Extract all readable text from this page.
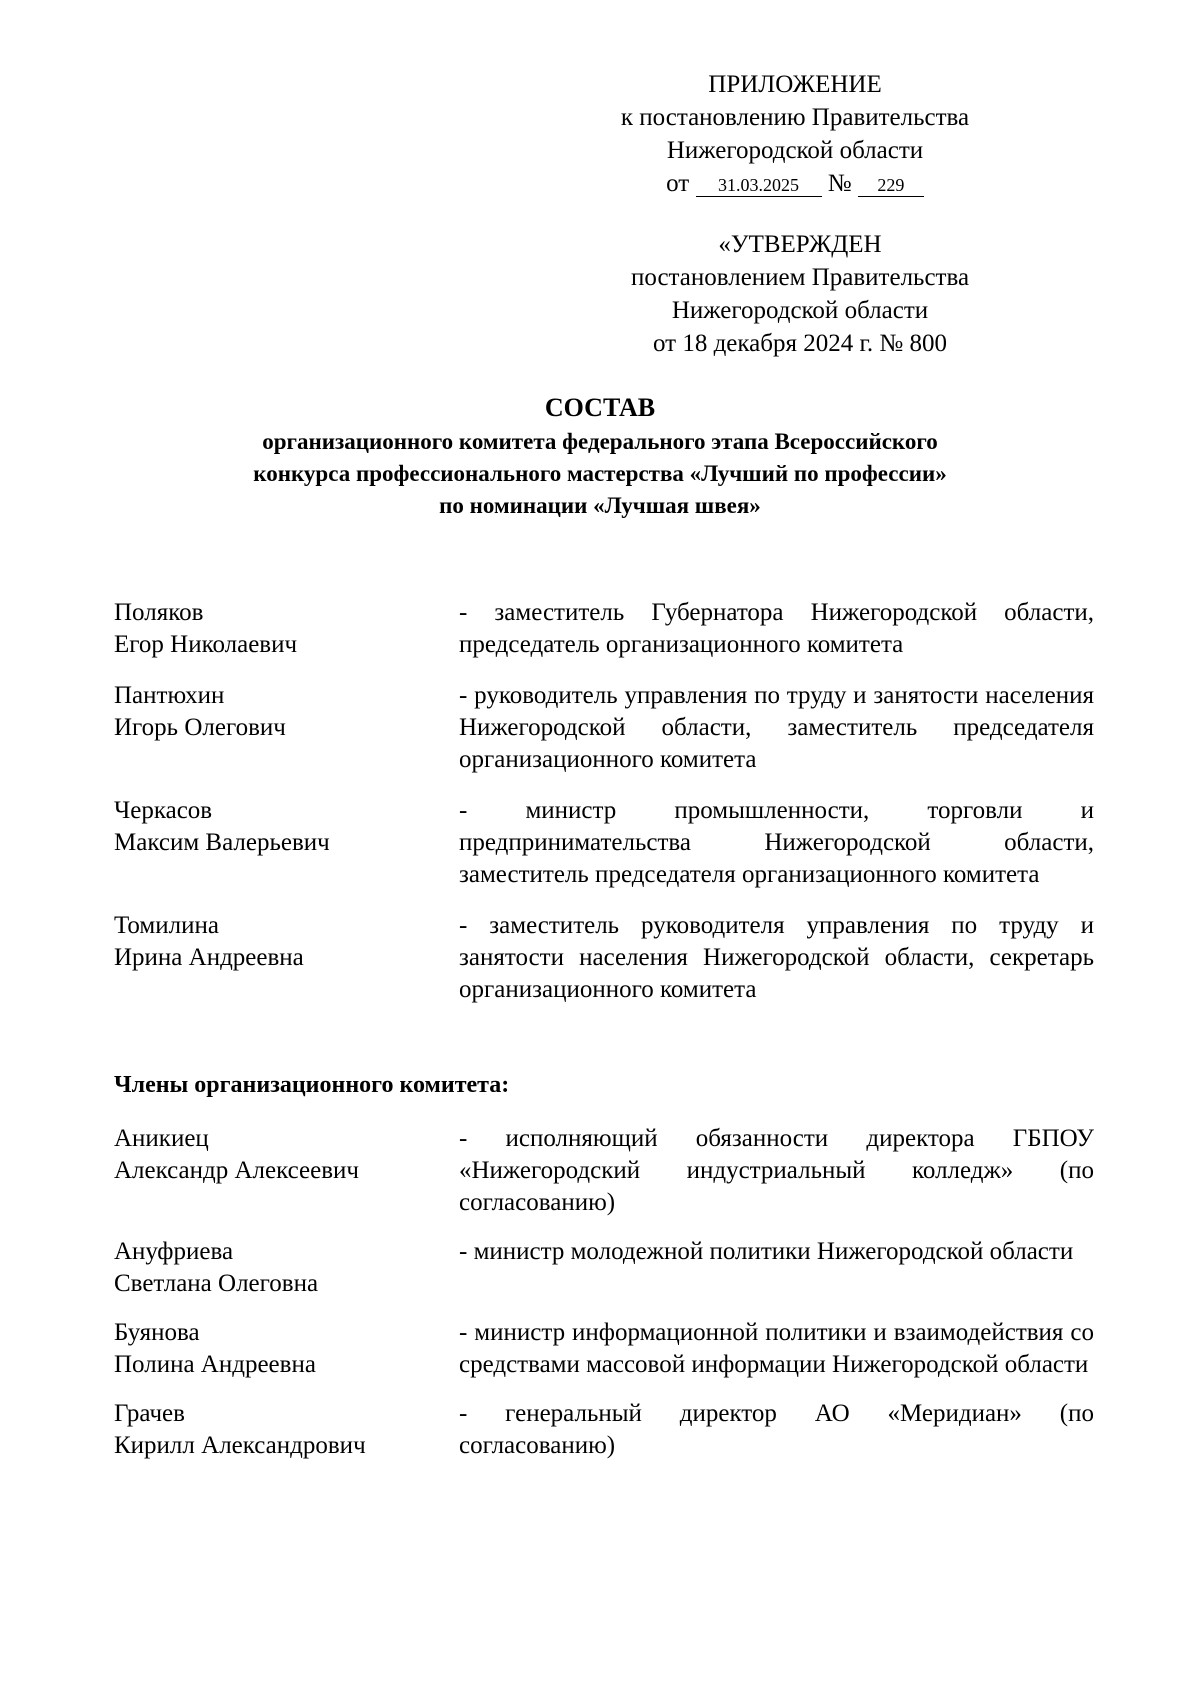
ПРИЛОЖЕНИЕ
к постановлению Правительства
Нижегородской области
от 31.03.2025 № 229
«УТВЕРЖДЕН
постановлением Правительства
Нижегородской области
от 18 декабря 2024 г. № 800
СОСТАВ
организационного комитета федерального этапа Всероссийского
конкурса профессионального мастерства «Лучший по профессии»
по номинации «Лучшая швея»
Поляков
Егор Николаевич
- заместитель Губернатора Нижегородской области, председатель организационного комитета
Пантюхин
Игорь Олегович
- руководитель управления по труду и занятости населения Нижегородской области, заместитель председателя организационного комитета
Черкасов
Максим Валерьевич
- министр промышленности, торговли и предпринимательства Нижегородской области, заместитель председателя организационного комитета
Томилина
Ирина Андреевна
- заместитель руководителя управления по труду и занятости населения Нижегородской области, секретарь организационного комитета
Члены организационного комитета:
Аникиец
Александр Алексеевич
- исполняющий обязанности директора ГБПОУ «Нижегородский индустриальный колледж» (по согласованию)
Ануфриева
Светлана Олеговна
- министр молодежной политики Нижегородской области
Буянова
Полина Андреевна
- министр информационной политики и взаимодействия со средствами массовой информации Нижегородской области
Грачев
Кирилл Александрович
- генеральный директор АО «Меридиан» (по согласованию)
